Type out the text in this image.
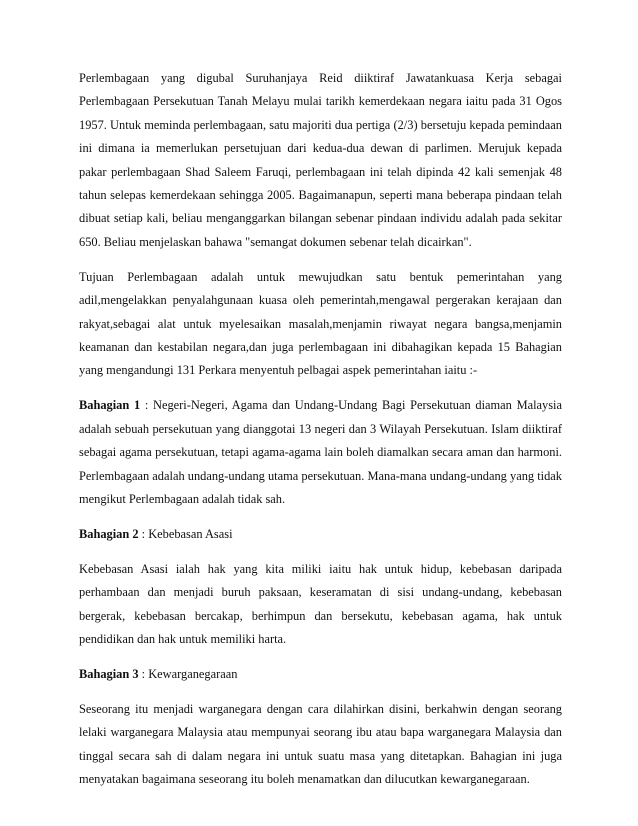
Perlembagaan yang digubal Suruhanjaya Reid diiktiraf Jawatankuasa Kerja sebagai
Perlembagaan Persekutuan Tanah Melayu mulai tarikh kemerdekaan negara iaitu pada 31 Ogos
1957. Untuk meminda perlembagaan, satu majoriti dua pertiga (2/3) bersetuju kepada pemindaan
ini dimana ia memerlukan persetujuan dari kedua-dua dewan di parlimen. Merujuk kepada
pakar perlembagaan Shad Saleem Faruqi, perlembagaan ini telah dipinda 42 kali semenjak 48
tahun selepas kemerdekaan sehingga 2005. Bagaimanapun, seperti mana beberapa pindaan telah
dibuat setiap kali, beliau menganggarkan bilangan sebenar pindaan individu adalah pada sekitar
650. Beliau menjelaskan bahawa "semangat dokumen sebenar telah dicairkan".

Tujuan Perlembagaan adalah untuk mewujudkan satu bentuk pemerintahan yang
adil,mengelakkan penyalahgunaan kuasa oleh pemerintah,mengawal pergerakan kerajaan dan
rakyat,sebagai alat untuk myelesaikan masalah,menjamin riwayat negara bangsa,menjamin
keamanan dan kestabilan negara,dan juga perlembagaan ini dibahagikan kepada 15 Bahagian
yang mengandungi 131 Perkara menyentuh pelbagai aspek pemerintahan iaitu :-

Bahagian 1 : Negeri-Negeri, Agama dan Undang-Undang Bagi Persekutuan diaman Malaysia
adalah sebuah persekutuan yang dianggotai 13 negeri dan 3 Wilayah Persekutuan. Islam diiktiraf
sebagai agama persekutuan, tetapi agama-agama lain boleh diamalkan secara aman dan harmoni.
Perlembagaan adalah undang-undang utama persekutuan. Mana-mana undang-undang yang tidak
mengikut Perlembagaan adalah tidak sah.

Bahagian 2 : Kebebasan Asasi

Kebebasan Asasi ialah hak yang kita miliki iaitu hak untuk hidup, kebebasan daripada
perhambaan dan menjadi buruh paksaan, keseramatan di sisi undang-undang, kebebasan
bergerak, kebebasan bercakap, berhimpun dan bersekutu, kebebasan agama, hak untuk
pendidikan dan hak untuk memiliki harta.

Bahagian 3 : Kewarganegaraan

Seseorang itu menjadi warganegara dengan cara dilahirkan disini, berkahwin dengan seorang
lelaki warganegara Malaysia atau mempunyai seorang ibu atau bapa warganegara Malaysia dan
tinggal secara sah di dalam negara ini untuk suatu masa yang ditetapkan. Bahagian ini juga
menyatakan bagaimana seseorang itu boleh menamatkan dan dilucutkan kewarganegaraan.
